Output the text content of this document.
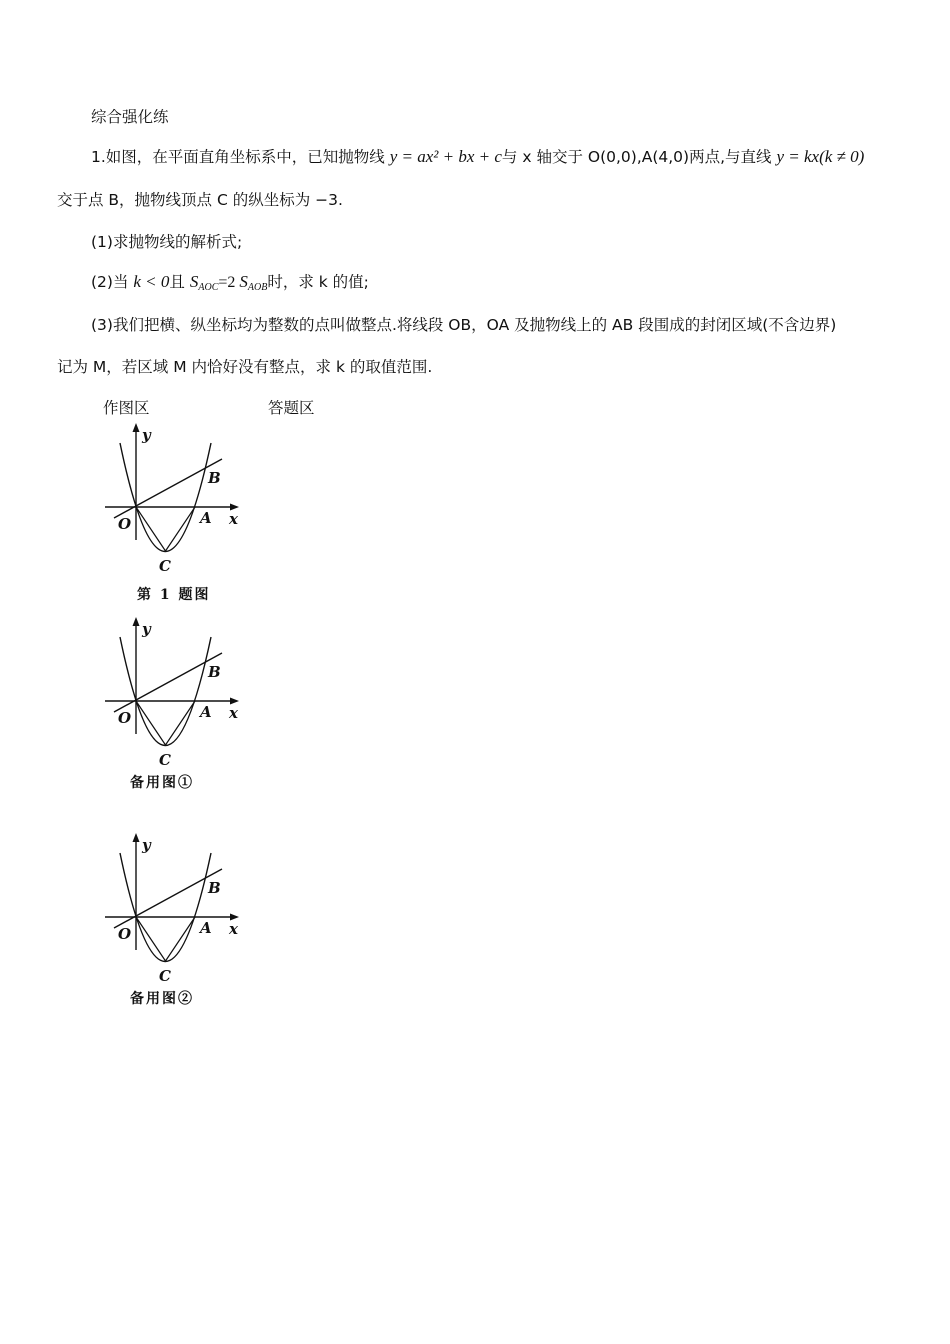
综合强化练
1.如图，在平面直角坐标系中，已知抛物线 y = ax² + bx + c与 x 轴交于 O(0,0),A(4,0)两点,与直线 y = kx(k ≠ 0)
交于点 B，抛物线顶点 C 的纵坐标为 −3.
(1)求抛物线的解析式;
(2)当 k < 0且 $S_{AOC}=2$ $S_{AOB}$时，求 k 的值;
(3)我们把横、纵坐标均为整数的点叫做整点.将线段 OB，OA 及抛物线上的 AB 段围成的封闭区域(不含边界)
记为 M，若区域 M 内恰好没有整点，求 k 的取值范围.
作图区	答题区
y
x
O	A
B
C
第 1 题图
y
x
O	A
B
C
备用图①
y
x
O	A
B
C
备用图②
